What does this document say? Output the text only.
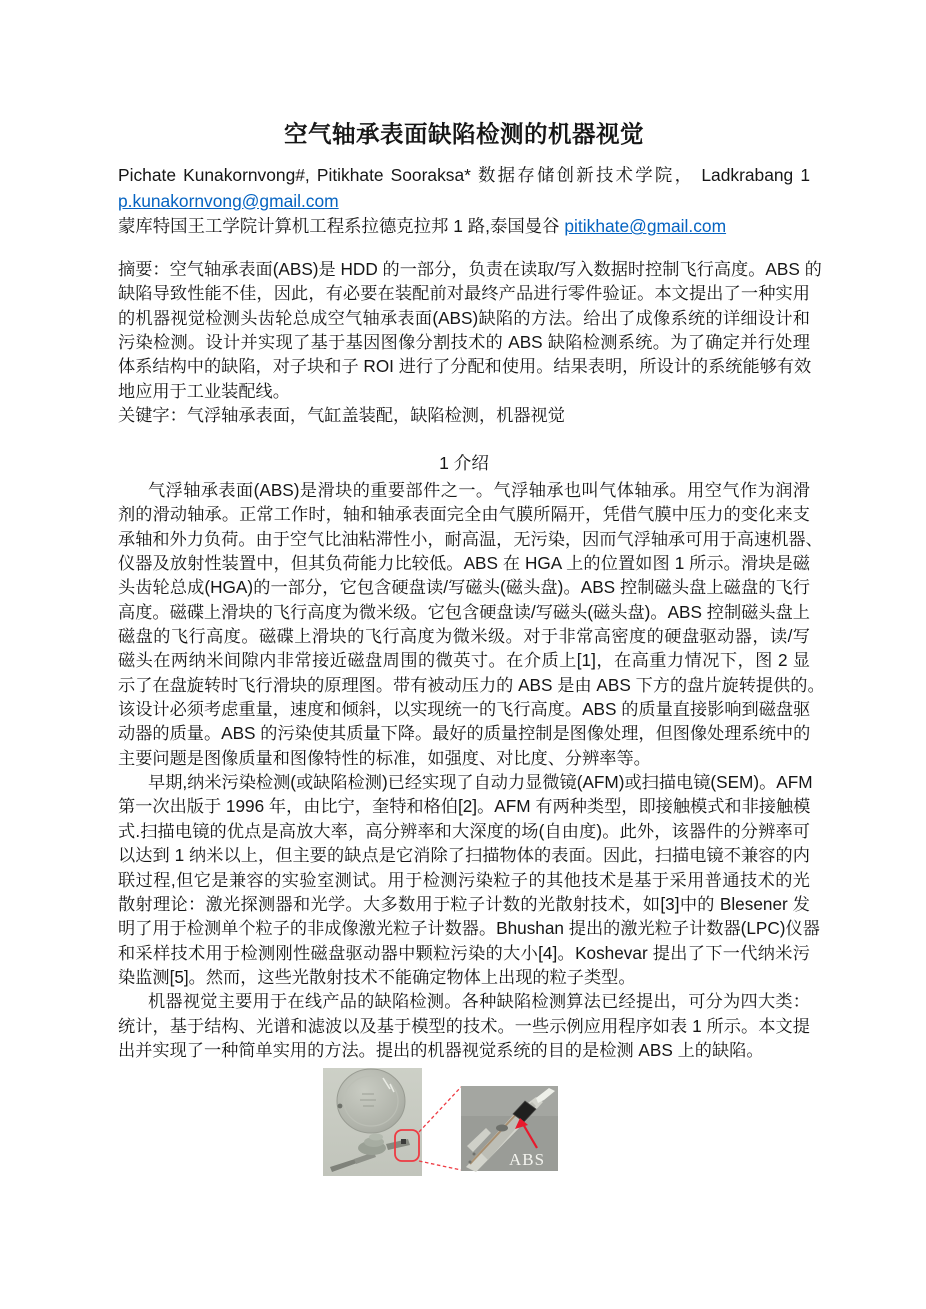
空气轴承表面缺陷检测的机器视觉
Pichate Kunakornvong#, Pitikhate Sooraksa* 数据存储创新技术学院， Ladkrabang 1
p.kunakornvong@gmail.com
蒙库特国王工学院计算机工程系拉德克拉邦 1 路,泰国曼谷 pitikhate@gmail.com
摘要：空气轴承表面(ABS)是 HDD 的一部分，负责在读取/写入数据时控制飞行高度。ABS 的
缺陷导致性能不佳，因此，有必要在装配前对最终产品进行零件验证。本文提出了一种实用
的机器视觉检测头齿轮总成空气轴承表面(ABS)缺陷的方法。给出了成像系统的详细设计和
污染检测。设计并实现了基于基因图像分割技术的 ABS 缺陷检测系统。为了确定并行处理
体系结构中的缺陷，对子块和子 ROI 进行了分配和使用。结果表明，所设计的系统能够有效
地应用于工业装配线。
关键字：气浮轴承表面，气缸盖装配，缺陷检测，机器视觉
1 介绍
气浮轴承表面(ABS)是滑块的重要部件之一。气浮轴承也叫气体轴承。用空气作为润滑
剂的滑动轴承。正常工作时，轴和轴承表面完全由气膜所隔开，凭借气膜中压力的变化来支
承轴和外力负荷。由于空气比油粘滞性小，耐高温，无污染，因而气浮轴承可用于高速机器、
仪器及放射性装置中，但其负荷能力比较低。ABS 在 HGA 上的位置如图 1 所示。滑块是磁
头齿轮总成(HGA)的一部分，它包含硬盘读/写磁头(磁头盘)。ABS 控制磁头盘上磁盘的飞行
高度。磁碟上滑块的飞行高度为微米级。它包含硬盘读/写磁头(磁头盘)。ABS 控制磁头盘上
磁盘的飞行高度。磁碟上滑块的飞行高度为微米级。对于非常高密度的硬盘驱动器，读/写
磁头在两纳米间隙内非常接近磁盘周围的微英寸。在介质上[1]，在高重力情况下，图 2 显
示了在盘旋转时飞行滑块的原理图。带有被动压力的 ABS 是由 ABS 下方的盘片旋转提供的。
该设计必须考虑重量，速度和倾斜，以实现统一的飞行高度。ABS 的质量直接影响到磁盘驱
动器的质量。ABS 的污染使其质量下降。最好的质量控制是图像处理，但图像处理系统中的
主要问题是图像质量和图像特性的标准，如强度、对比度、分辨率等。
早期,纳米污染检测(或缺陷检测)已经实现了自动力显微镜(AFM)或扫描电镜(SEM)。AFM
第一次出版于 1996 年，由比宁，奎特和格伯[2]。AFM 有两种类型，即接触模式和非接触模
式.扫描电镜的优点是高放大率，高分辨率和大深度的场(自由度)。此外，该器件的分辨率可
以达到 1 纳米以上，但主要的缺点是它消除了扫描物体的表面。因此，扫描电镜不兼容的内
联过程,但它是兼容的实验室测试。用于检测污染粒子的其他技术是基于采用普通技术的光
散射理论：激光探测器和光学。大多数用于粒子计数的光散射技术，如[3]中的 Blesener 发
明了用于检测单个粒子的非成像激光粒子计数器。Bhushan 提出的激光粒子计数器(LPC)仪器
和采样技术用于检测刚性磁盘驱动器中颗粒污染的大小[4]。Koshevar 提出了下一代纳米污
染监测[5]。然而，这些光散射技术不能确定物体上出现的粒子类型。
机器视觉主要用于在线产品的缺陷检测。各种缺陷检测算法已经提出，可分为四大类：
统计，基于结构、光谱和滤波以及基于模型的技术。一些示例应用程序如表 1 所示。本文提
出并实现了一种简单实用的方法。提出的机器视觉系统的目的是检测 ABS 上的缺陷。
ABS
